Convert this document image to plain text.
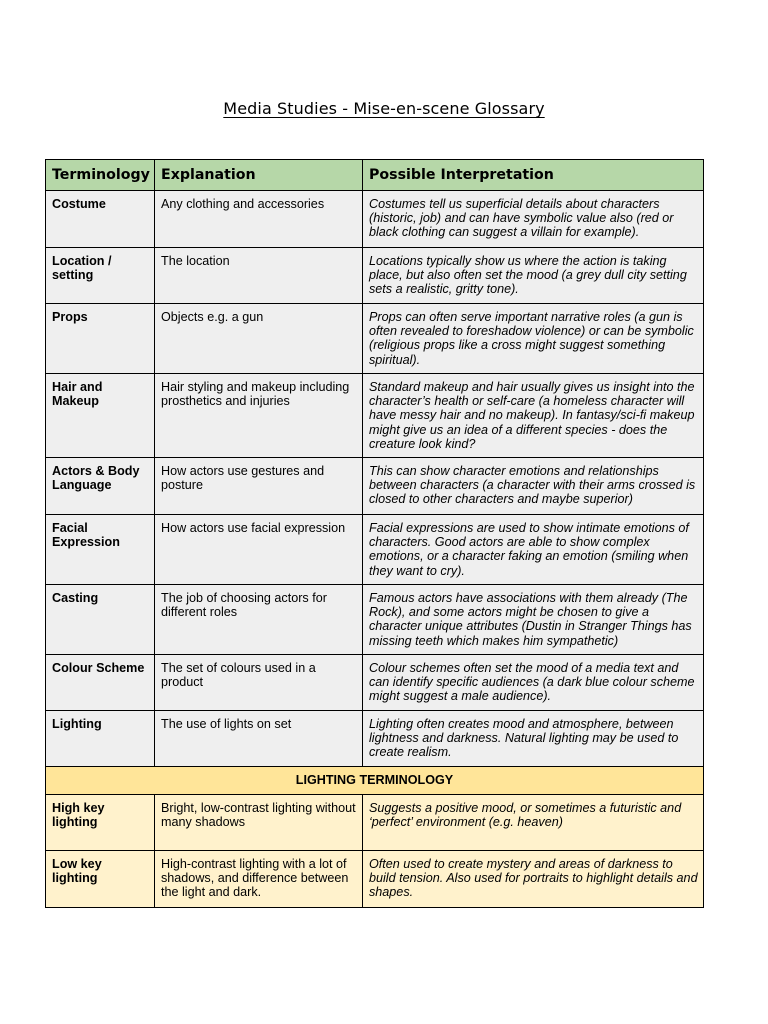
Media Studies - Mise-en-scene Glossary
Terminology	Explanation	Possible Interpretation
Costume	Any clothing and accessories	Costumes tell us superficial details about characters (historic, job) and can have symbolic value also (red or black clothing can suggest a villain for example).
Location / setting	The location	Locations typically show us where the action is taking place, but also often set the mood (a grey dull city setting sets a realistic, gritty tone).
Props	Objects e.g. a gun	Props can often serve important narrative roles (a gun is often revealed to foreshadow violence) or can be symbolic (religious props like a cross might suggest something spiritual).
Hair and Makeup	Hair styling and makeup including prosthetics and injuries	Standard makeup and hair usually gives us insight into the character’s health or self-care (a homeless character will have messy hair and no makeup). In fantasy/sci-fi makeup might give us an idea of a different species - does the creature look kind?
Actors & Body Language	How actors use gestures and posture	This can show character emotions and relationships between characters (a character with their arms crossed is closed to other characters and maybe superior)
Facial Expression	How actors use facial expression	Facial expressions are used to show intimate emotions of characters. Good actors are able to show complex emotions, or a character faking an emotion (smiling when they want to cry).
Casting	The job of choosing actors for different roles	Famous actors have associations with them already (The Rock), and some actors might be chosen to give a character unique attributes (Dustin in Stranger Things has missing teeth which makes him sympathetic)
Colour Scheme	The set of colours used in a product	Colour schemes often set the mood of a media text and can identify specific audiences (a dark blue colour scheme might suggest a male audience).
Lighting	The use of lights on set	Lighting often creates mood and atmosphere, between lightness and darkness. Natural lighting may be used to create realism.
LIGHTING TERMINOLOGY		
High key lighting	Bright, low-contrast lighting without many shadows	Suggests a positive mood, or sometimes a futuristic and ‘perfect’ environment (e.g. heaven)
Low key lighting	High-contrast lighting with a lot of shadows, and difference between the light and dark.	Often used to create mystery and areas of darkness to build tension. Also used for portraits to highlight details and shapes.
